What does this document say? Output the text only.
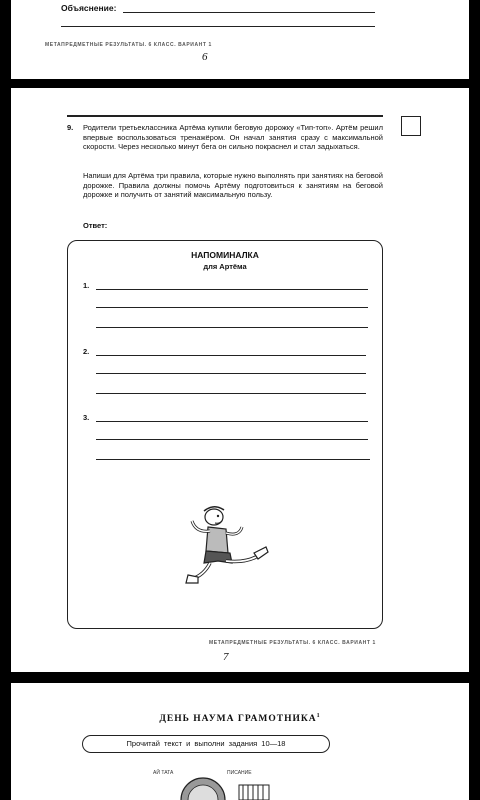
Объяснение:
МЕТАПРЕДМЕТНЫЕ РЕЗУЛЬТАТЫ. 6 КЛАСС. ВАРИАНТ 1
6
9. Родители третьеклассника Артёма купили беговую дорожку «Тип-топ». Артём решил впервые воспользоваться тренажёром. Он начал занятия сразу с максимальной скорости. Через несколько минут бега он сильно покраснел и стал задыхаться.
Напиши для Артёма три правила, которые нужно выполнять при занятиях на беговой дорожке. Правила должны помочь Артёму подготовиться к занятиям на беговой дорожке и получить от занятий максимальную пользу.
Ответ:
НАПОМИНАЛКА
для Артёма
1.
2.
3.
МЕТАПРЕДМЕТНЫЕ РЕЗУЛЬТАТЫ. 6 КЛАСС. ВАРИАНТ 1
7
ДЕНЬ НАУМА ГРАМОТНИКА$^1$
Прочитай текст и выполни задания 10—18
АЙ ТАТА	ПИСАНИЕ
